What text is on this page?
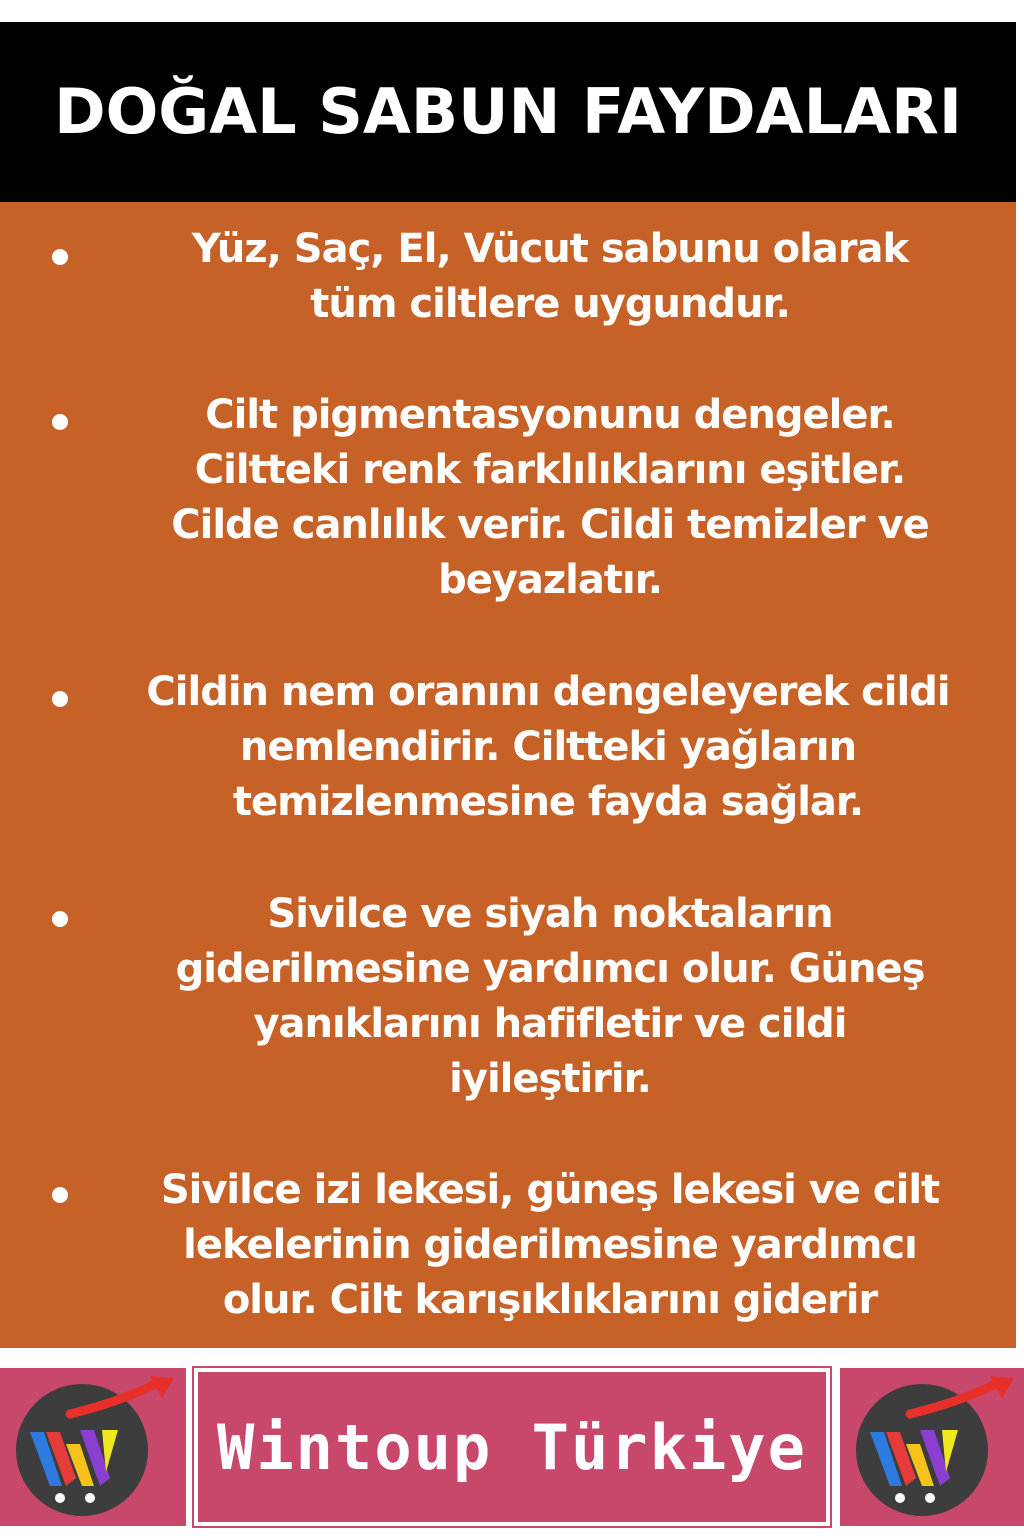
DOĞAL SABUN FAYDALARI
Yüz, Saç, El, Vücut sabunu olarak
tüm ciltlere uygundur.
Cilt pigmentasyonunu dengeler.
Ciltteki renk farklılıklarını eşitler.
Cilde canlılık verir. Cildi temizler ve
beyazlatır.
Cildin nem oranını dengeleyerek cildi
nemlendirir. Ciltteki yağların
temizlenmesine fayda sağlar.
Sivilce ve siyah noktaların
giderilmesine yardımcı olur. Güneş
yanıklarını hafifletir ve cildi
iyileştirir.
Sivilce izi lekesi, güneş lekesi ve cilt
lekelerinin giderilmesine yardımcı
olur. Cilt karışıklıklarını giderir
Wintoup Türkiye
